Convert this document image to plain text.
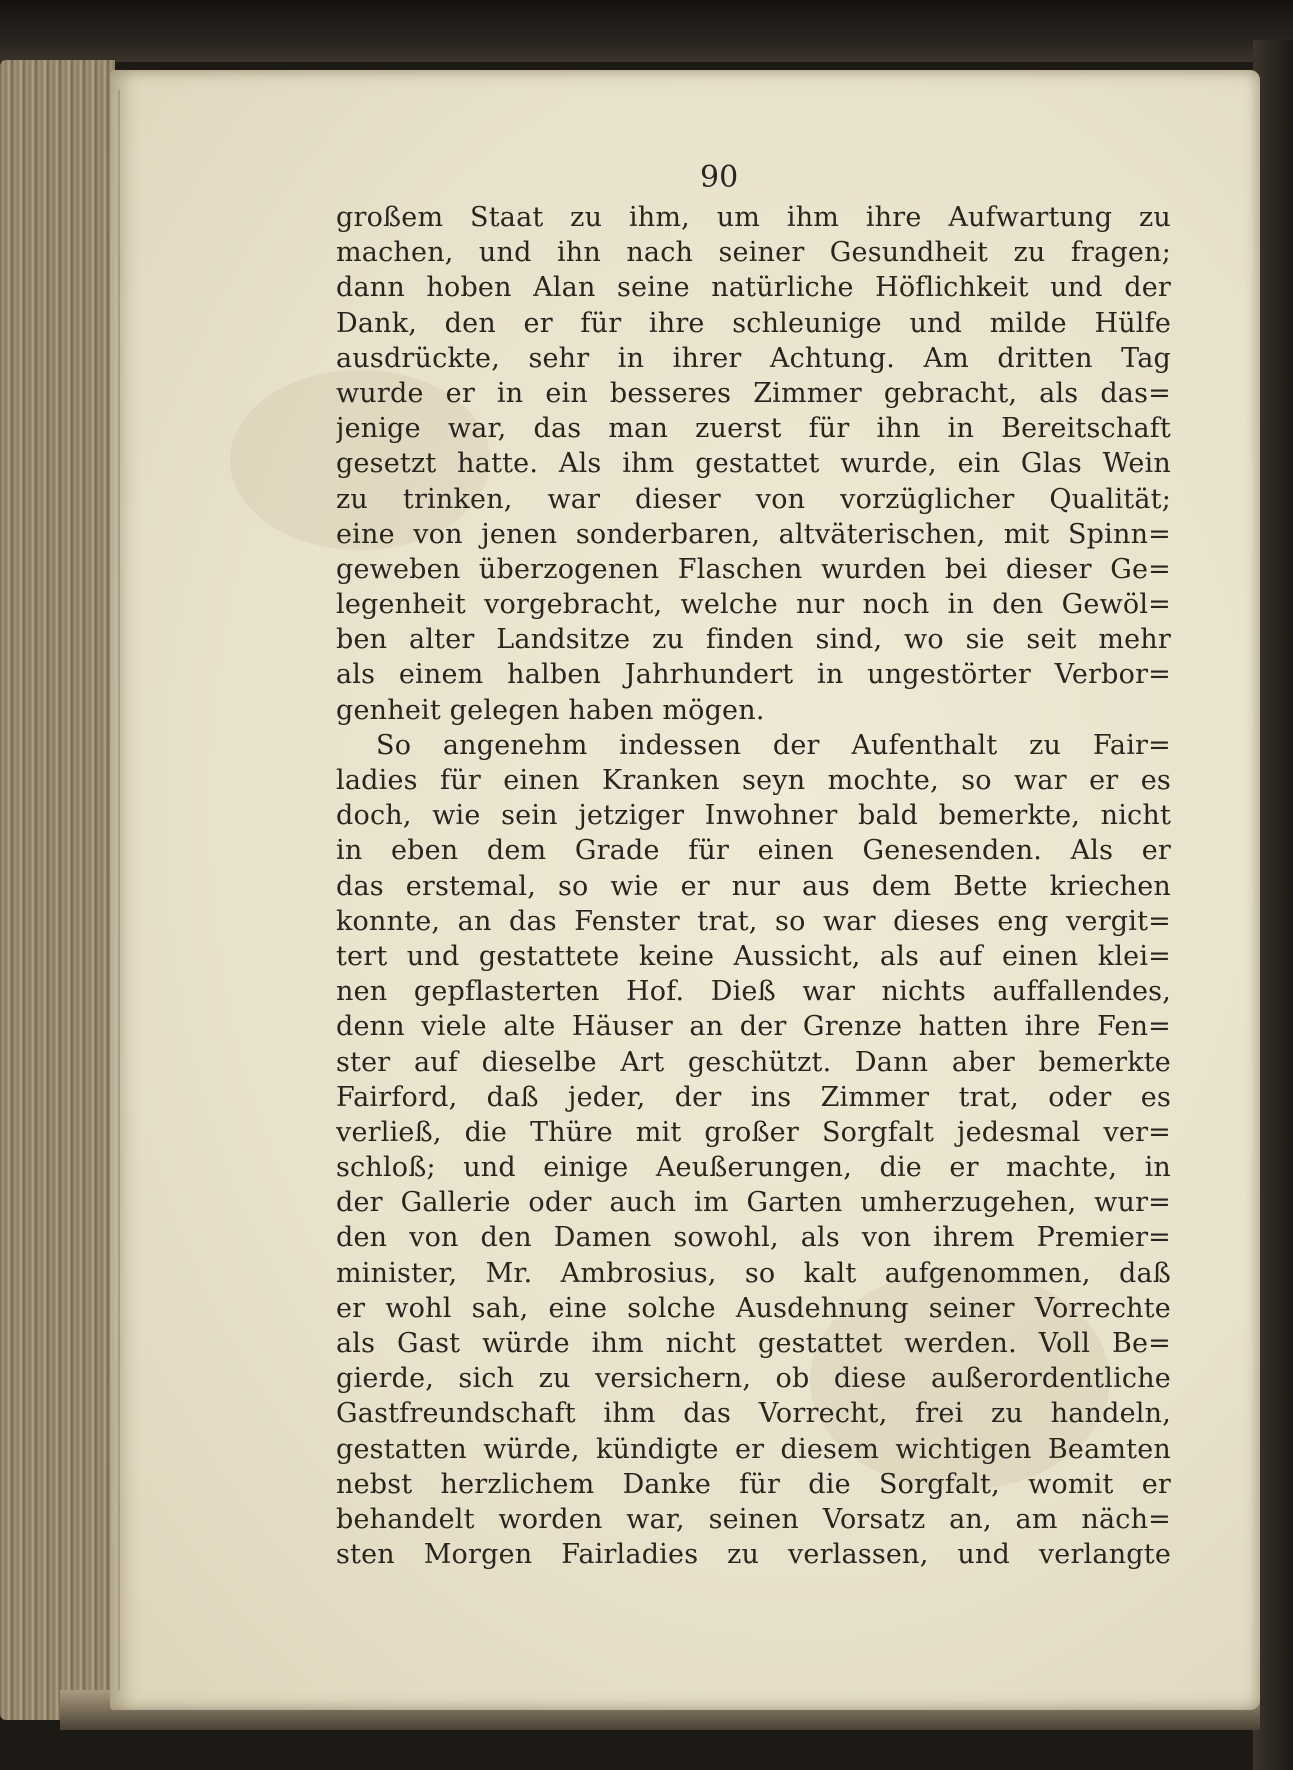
90
großem Staat zu ihm, um ihm ihre Aufwartung zu
machen, und ihn nach seiner Gesundheit zu fragen;
dann hoben Alan seine natürliche Höflichkeit und der
Dank, den er für ihre schleunige und milde Hülfe
ausdrückte, sehr in ihrer Achtung. Am dritten Tag
wurde er in ein besseres Zimmer gebracht, als das=
jenige war, das man zuerst für ihn in Bereitschaft
gesetzt hatte. Als ihm gestattet wurde, ein Glas Wein
zu trinken, war dieser von vorzüglicher Qualität;
eine von jenen sonderbaren, altväterischen, mit Spinn=
geweben überzogenen Flaschen wurden bei dieser Ge=
legenheit vorgebracht, welche nur noch in den Gewöl=
ben alter Landsitze zu finden sind, wo sie seit mehr
als einem halben Jahrhundert in ungestörter Verbor=
genheit gelegen haben mögen.
So angenehm indessen der Aufenthalt zu Fair=
ladies für einen Kranken seyn mochte, so war er es
doch, wie sein jetziger Inwohner bald bemerkte, nicht
in eben dem Grade für einen Genesenden. Als er
das erstemal, so wie er nur aus dem Bette kriechen
konnte, an das Fenster trat, so war dieses eng vergit=
tert und gestattete keine Aussicht, als auf einen klei=
nen gepflasterten Hof. Dieß war nichts auffallendes,
denn viele alte Häuser an der Grenze hatten ihre Fen=
ster auf dieselbe Art geschützt. Dann aber bemerkte
Fairford, daß jeder, der ins Zimmer trat, oder es
verließ, die Thüre mit großer Sorgfalt jedesmal ver=
schloß; und einige Aeußerungen, die er machte, in
der Gallerie oder auch im Garten umherzugehen, wur=
den von den Damen sowohl, als von ihrem Premier=
minister, Mr. Ambrosius, so kalt aufgenommen, daß
er wohl sah, eine solche Ausdehnung seiner Vorrechte
als Gast würde ihm nicht gestattet werden. Voll Be=
gierde, sich zu versichern, ob diese außerordentliche
Gastfreundschaft ihm das Vorrecht, frei zu handeln,
gestatten würde, kündigte er diesem wichtigen Beamten
nebst herzlichem Danke für die Sorgfalt, womit er
behandelt worden war, seinen Vorsatz an, am näch=
sten Morgen Fairladies zu verlassen, und verlangte
